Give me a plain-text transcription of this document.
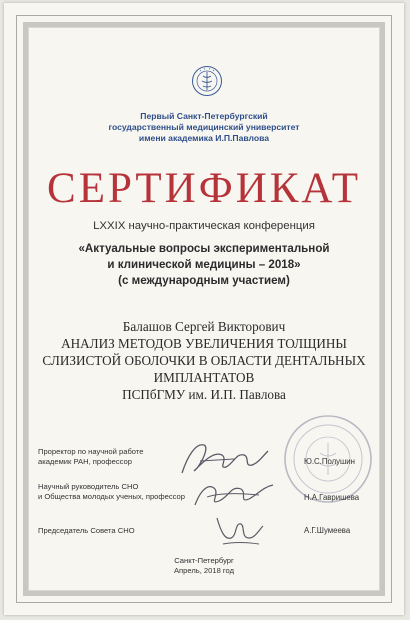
Первый Санкт-Петербургский
государственный медицинский университет
имени академика И.П.Павлова
СЕРТИФИКАТ
LXXIX научно-практическая конференция
«Актуальные вопросы экспериментальной
и клинической медицины – 2018»
(с международным участием)
Балашов Сергей Викторович
АНАЛИЗ МЕТОДОВ УВЕЛИЧЕНИЯ ТОЛЩИНЫ
СЛИЗИСТОЙ ОБОЛОЧКИ В ОБЛАСТИ ДЕНТАЛЬНЫХ
ИМПЛАНТАТОВ
ПСПбГМУ им. И.П. Павлова
Проректор по научной работе
академик РАН, профессор	Ю.С.Полушин
Научный руководитель СНО
и Общества молодых ученых, профессор	Н.А.Гавришева
Председатель Совета СНО	А.Г.Шумеева
Санкт-Петербург
Апрель, 2018 год
